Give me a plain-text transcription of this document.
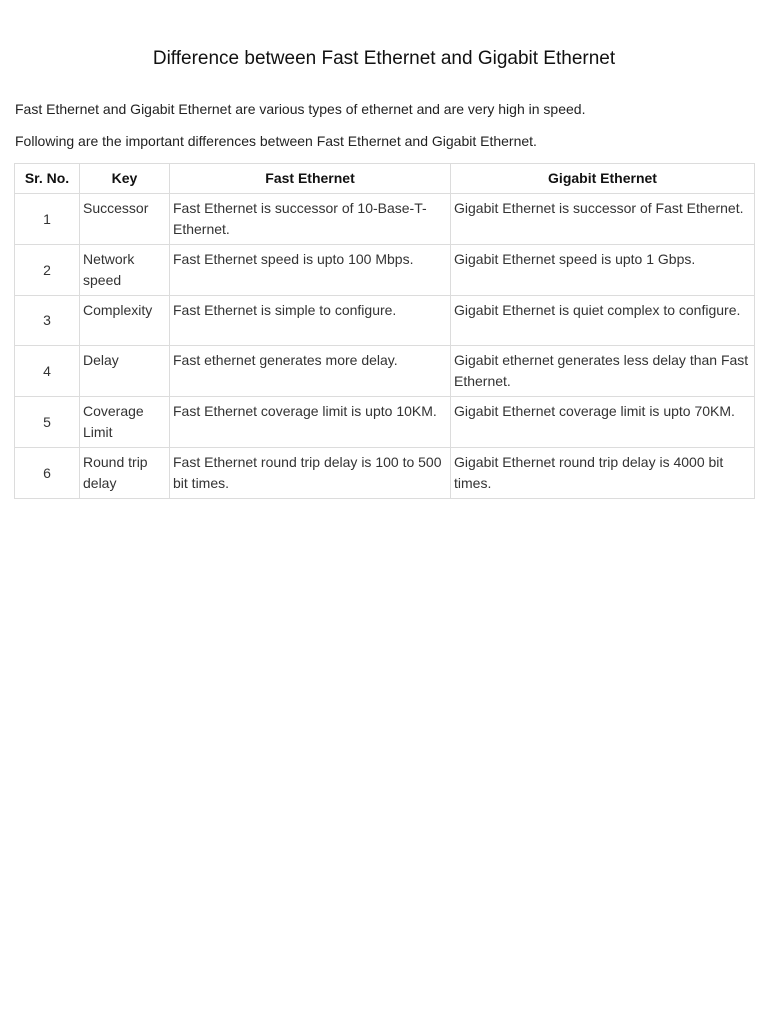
Difference between Fast Ethernet and Gigabit Ethernet

Fast Ethernet and Gigabit Ethernet are various types of ethernet and are very high in speed.

Following are the important differences between Fast Ethernet and Gigabit Ethernet.

Sr. No.	Key	Fast Ethernet	Gigabit Ethernet
1	Successor	Fast Ethernet is successor of 10-Base-T-Ethernet.	Gigabit Ethernet is successor of Fast Ethernet.
2	Network speed	Fast Ethernet speed is upto 100 Mbps.	Gigabit Ethernet speed is upto 1 Gbps.
3	Complexity	Fast Ethernet is simple to configure.	Gigabit Ethernet is quiet complex to configure.
4	Delay	Fast ethernet generates more delay.	Gigabit ethernet generates less delay than Fast Ethernet.
5	Coverage Limit	Fast Ethernet coverage limit is upto 10KM.	Gigabit Ethernet coverage limit is upto 70KM.
6	Round trip delay	Fast Ethernet round trip delay is 100 to 500 bit times.	Gigabit Ethernet round trip delay is 4000 bit times.
